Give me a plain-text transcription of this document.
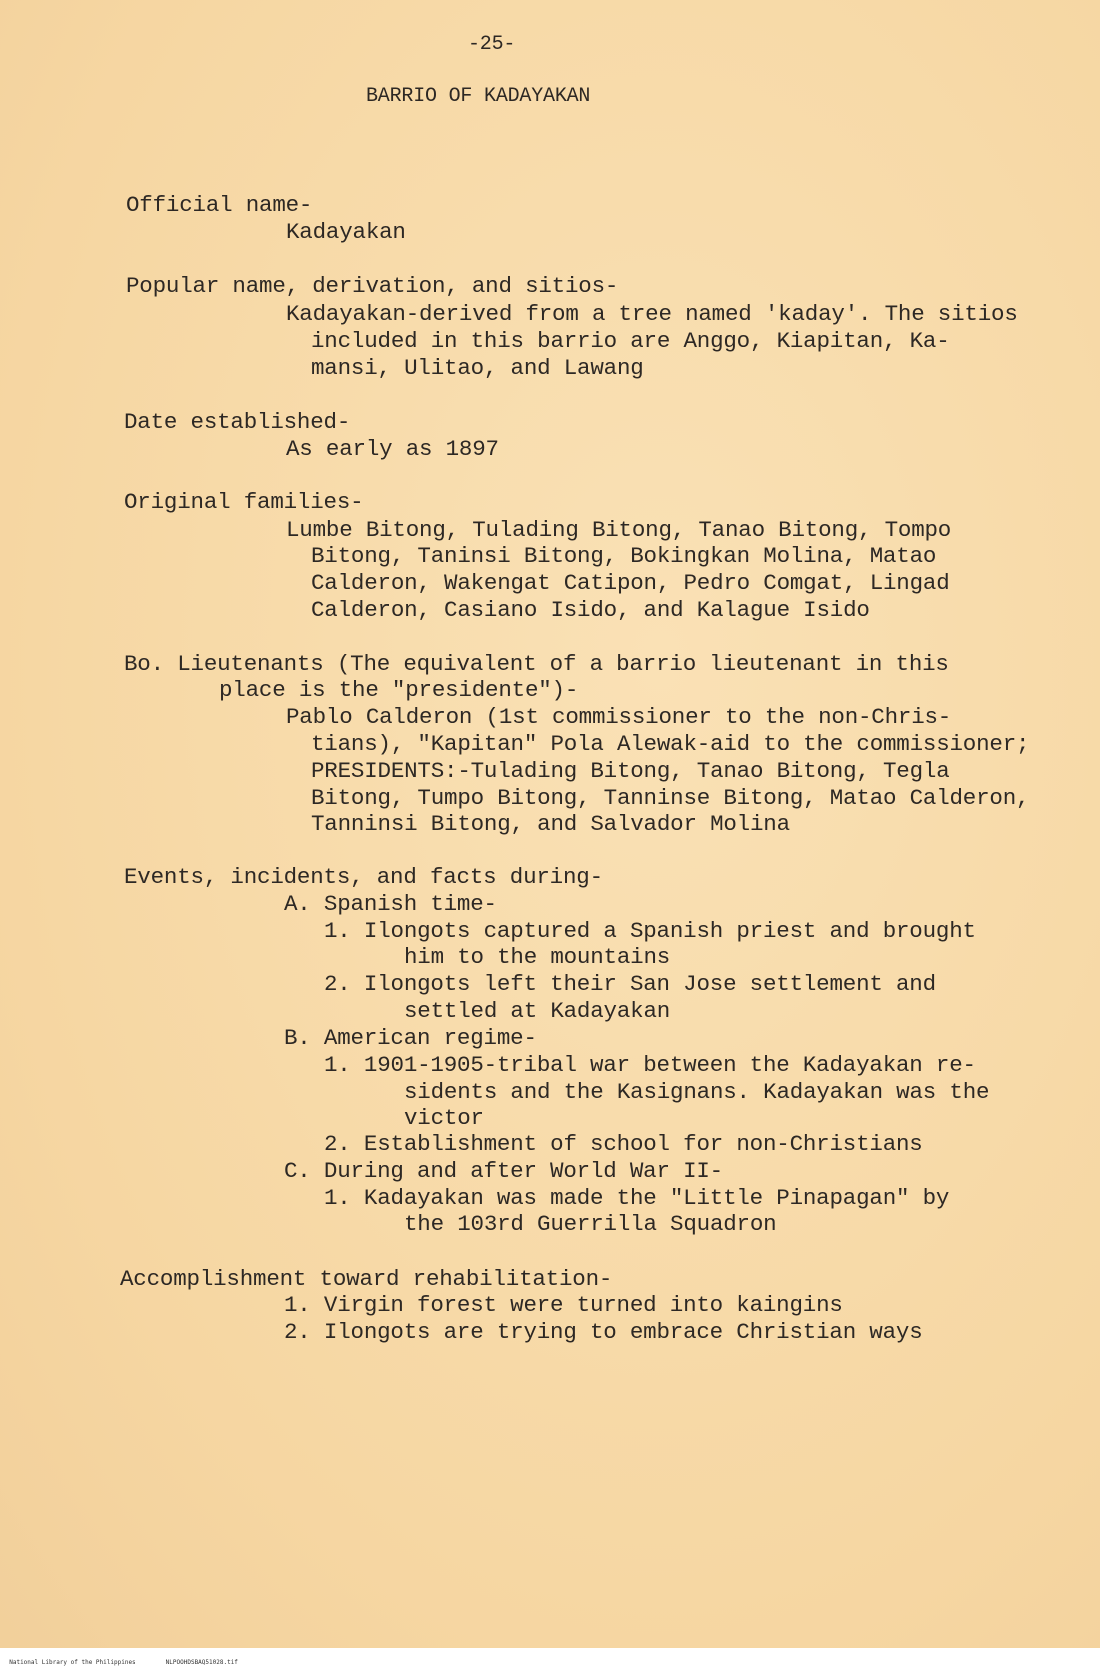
-25-
BARRIO OF KADAYAKAN
Official name-
Kadayakan
Popular name, derivation, and sitios-
Kadayakan-derived from a tree named 'kaday'. The sitios
included in this barrio are Anggo, Kiapitan, Ka-
mansi, Ulitao, and Lawang
Date established-
As early as 1897
Original families-
Lumbe Bitong, Tulading Bitong, Tanao Bitong, Tompo
Bitong, Taninsi Bitong, Bokingkan Molina, Matao
Calderon, Wakengat Catipon, Pedro Comgat, Lingad
Calderon, Casiano Isido, and Kalague Isido
Bo. Lieutenants (The equivalent of a barrio lieutenant in this
place is the "presidente")-
Pablo Calderon (1st commissioner to the non-Chris-
tians), "Kapitan" Pola Alewak-aid to the commissioner;
PRESIDENTS:-Tulading Bitong, Tanao Bitong, Tegla
Bitong, Tumpo Bitong, Tanninse Bitong, Matao Calderon,
Tanninsi Bitong, and Salvador Molina
Events, incidents, and facts during-
A. Spanish time-
1. Ilongots captured a Spanish priest and brought
him to the mountains
2. Ilongots left their San Jose settlement and
settled at Kadayakan
B. American regime-
1. 1901-1905-tribal war between the Kadayakan re-
sidents and the Kasignans. Kadayakan was the
victor
2. Establishment of school for non-Christians
C. During and after World War II-
1. Kadayakan was made the "Little Pinapagan" by
the 103rd Guerrilla Squadron
Accomplishment toward rehabilitation-
1. Virgin forest were turned into kaingins
2. Ilongots are trying to embrace Christian ways

National Library of the Philippines	NLPOOHDSBAQ51028.tif
